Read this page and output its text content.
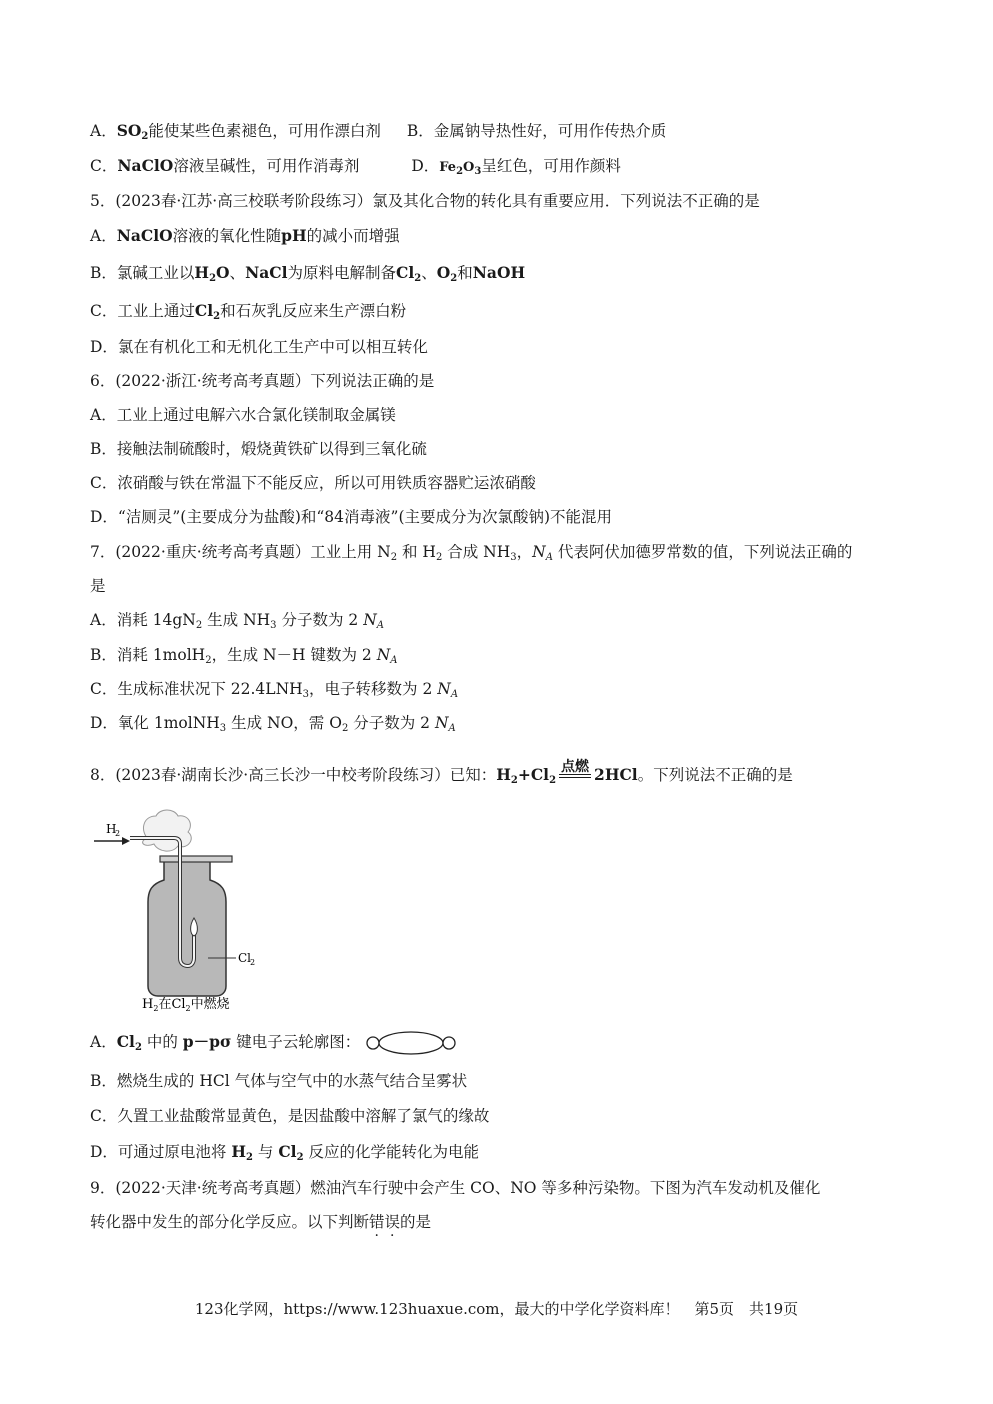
A．$SO_2$能使某些色素褪色，可用作漂白剂 B．金属钠导热性好，可用作传热介质
C．NaClO溶液呈碱性，可用作消毒剂	D．$Fe_2O_3$呈红色，可用作颜料
5．(2023春·江苏·高三校联考阶段练习）氯及其化合物的转化具有重要应用．下列说法不正确的是
A．NaClO溶液的氧化性随pH的减小而增强
B．氯碱工业以$H_2O$、NaCl为原料电解制备$Cl_2$、$O_2$和NaOH
C．工业上通过$Cl_2$和石灰乳反应来生产漂白粉
D．氯在有机化工和无机化工生产中可以相互转化
6．(2022·浙江·统考高考真题）下列说法正确的是
A．工业上通过电解六水合氯化镁制取金属镁
B．接触法制硫酸时，煅烧黄铁矿以得到三氧化硫
C．浓硝酸与铁在常温下不能反应，所以可用铁质容器贮运浓硝酸
D．“洁厕灵”(主要成分为盐酸)和“84消毒液”(主要成分为次氯酸钠)不能混用
7．(2022·重庆·统考高考真题）工业上用 $N_2$ 和 $H_2$ 合成 $NH_3$，$N_A$ 代表阿伏加德罗常数的值，下列说法正确的
是
A．消耗 $14gN_2$ 生成 $NH_3$ 分子数为 2 $N_A$
B．消耗 1molH$_2$，生成 N－H 键数为 2 $N_A$
C．生成标准状况下 $22.4LNH_3$，电子转移数为 2 $N_A$
D．氧化 1molNH$_3$ 生成 NO，需 $O_2$ 分子数为 2 $N_A$
8．(2023春·湖南长沙·高三长沙一中校考阶段练习）已知：$H_2+Cl_2$
点燃 2HCl。下列说法不正确的是
H
2
Cl
2
$H_2$在$Cl_2$中燃烧
A．$Cl_2$ 中的 p－pσ 键电子云轮廓图：
B．燃烧生成的 HCl 气体与空气中的水蒸气结合呈雾状
C．久置工业盐酸常显黄色，是因盐酸中溶解了氯气的缘故
D．可通过原电池将 $H_2$ 与 $Cl_2$ 反应的化学能转化为电能
9．(2022·天津·统考高考真题）燃油汽车行驶中会产生 CO、NO 等多种污染物。下图为汽车发动机及催化
转化器中发生的部分化学反应。以下判断错误的是
123化学网，https://www.123huaxue.com，最大的中学化学资料库！　第5页　共19页
